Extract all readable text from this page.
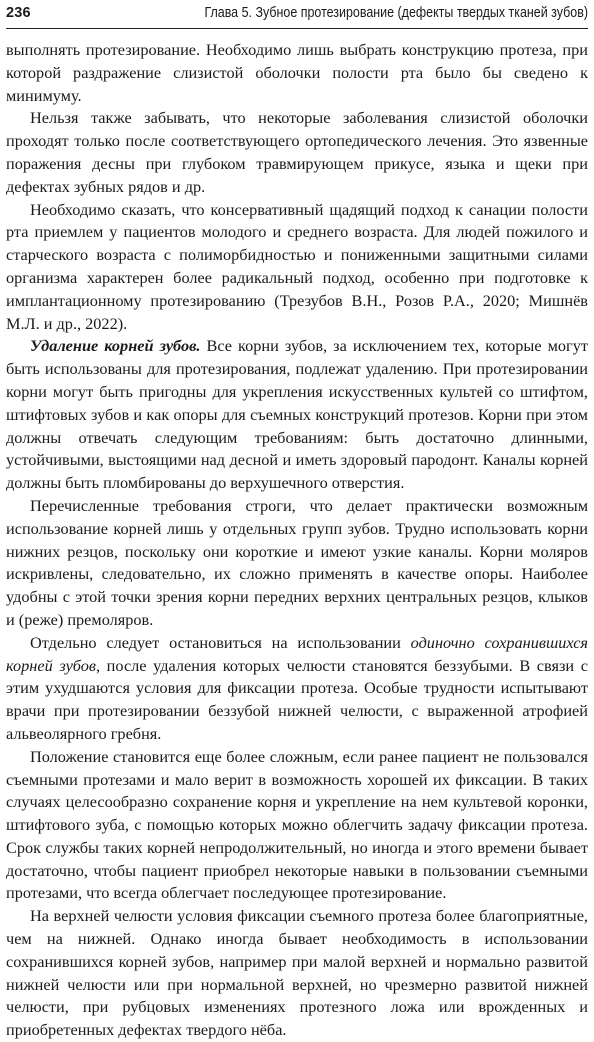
236	Глава 5. Зубное протезирование (дефекты твердых тканей зубов)

выполнять протезирование. Необходимо лишь выбрать конструкцию протеза, при которой раздражение слизистой оболочки полости рта было бы сведено к минимуму.

Нельзя также забывать, что некоторые заболевания слизистой оболочки проходят только после соответствующего ортопедического лечения. Это язвенные поражения десны при глубоком травмирующем прикусе, языка и щеки при дефектах зубных рядов и др.

Необходимо сказать, что консервативный щадящий подход к санации полости рта приемлем у пациентов молодого и среднего возраста. Для людей пожилого и старческого возраста с полиморбидностью и пониженными защитными силами организма характерен более радикальный подход, особенно при подготовке к имплантационному протезированию (Трезубов В.Н., Розов Р.А., 2020; Мишнёв М.Л. и др., 2022).

Удаление корней зубов. Все корни зубов, за исключением тех, которые могут быть использованы для протезирования, подлежат удалению. При протезировании корни могут быть пригодны для укрепления искусственных культей со штифтом, штифтовых зубов и как опоры для съемных конструкций протезов. Корни при этом должны отвечать следующим требованиям: быть достаточно длинными, устойчивыми, выстоящими над десной и иметь здоровый пародонт. Каналы корней должны быть пломбированы до верхушечного отверстия.

Перечисленные требования строги, что делает практически возможным использование корней лишь у отдельных групп зубов. Трудно использовать корни нижних резцов, поскольку они короткие и имеют узкие каналы. Корни моляров искривлены, следовательно, их сложно применять в качестве опоры. Наиболее удобны с этой точки зрения корни передних верхних центральных резцов, клыков и (реже) премоляров.

Отдельно следует остановиться на использовании одиночно сохранившихся корней зубов, после удаления которых челюсти становятся беззубыми. В связи с этим ухудшаются условия для фиксации протеза. Особые трудности испытывают врачи при протезировании беззубой нижней челюсти, с выраженной атрофией альвеолярного гребня.

Положение становится еще более сложным, если ранее пациент не пользовался съемными протезами и мало верит в возможность хорошей их фиксации. В таких случаях целесообразно сохранение корня и укрепление на нем культевой коронки, штифтового зуба, с помощью которых можно облегчить задачу фиксации протеза. Срок службы таких корней непродолжительный, но иногда и этого времени бывает достаточно, чтобы пациент приобрел некоторые навыки в пользовании съемными протезами, что всегда облегчает последующее протезирование.

На верхней челюсти условия фиксации съемного протеза более благоприятные, чем на нижней. Однако иногда бывает необходимость в использовании сохранившихся корней зубов, например при малой верхней и нормально развитой нижней челюсти или при нормальной верхней, но чрезмерно развитой нижней челюсти, при рубцовых изменениях протезного ложа или врожденных и приобретенных дефектах твердого нёба.
